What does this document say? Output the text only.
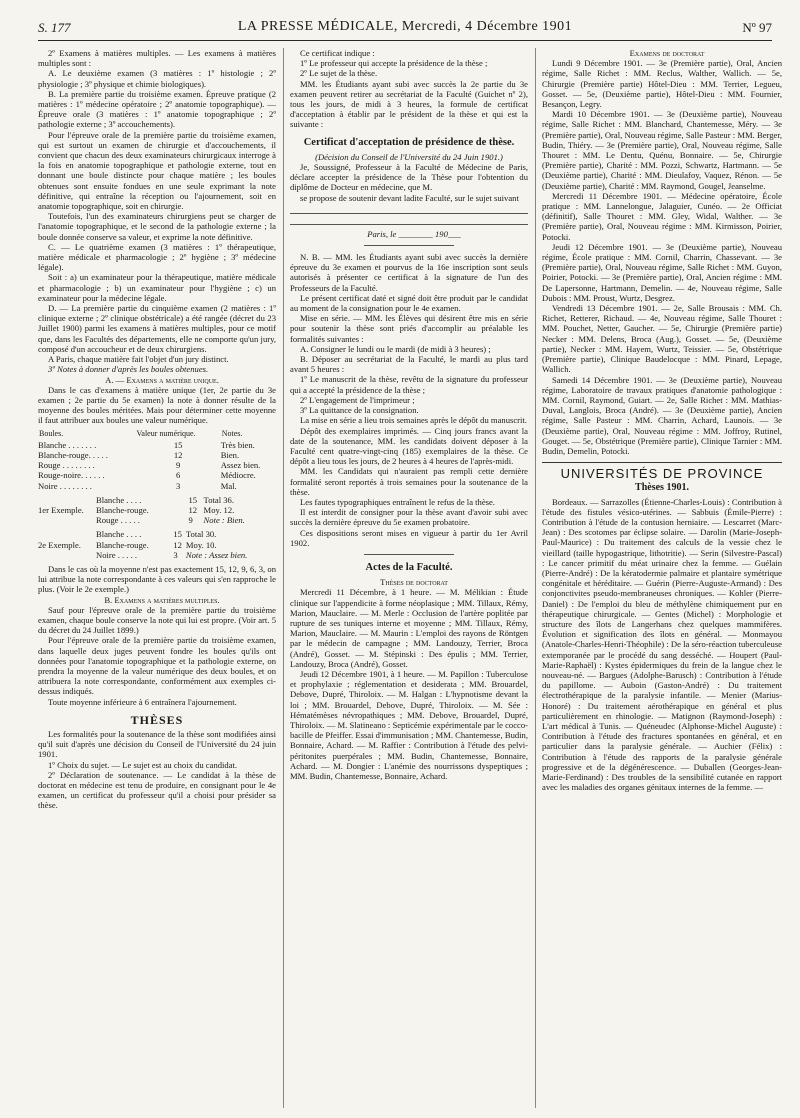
S. 177	LA PRESSE MÉDICALE, Mercredi, 4 Décembre 1901	Nº 97

2º Examens à matières multiples. — Les examens à matières multiples sont :

A. Le deuxième examen (3 matières : 1º histologie ; 2º physiologie ; 3º physique et chimie biologiques).

B. La première partie du troisième examen. Épreuve pratique (2 matières : 1º médecine opératoire ; 2º anatomie topographique). — Épreuve orale (3 matières : 1º anatomie topographique ; 2º pathologie externe ; 3º accouchements).

Pour l'épreuve orale de la première partie du troisième examen, qui est surtout un examen de chirurgie et d'accouchements, il convient que chacun des deux examinateurs chirurgicaux interroge à la fois en anatomie topographique et pathologie externe, tout en donnant une boule distincte pour chaque matière ; les boules obtenues sont ensuite fondues en une seule exprimant la note définitive, qui entraîne la réception ou l'ajournement, soit en anatomie topographique, soit en chirurgie.

Toutefois, l'un des examinateurs chirurgiens peut se charger de l'anatomie topographique, et le second de la pathologie externe ; la boule donnée conserve sa valeur, et exprime la note définitive.

C. — Le quatrième examen (3 matières : 1º thérapeutique, matière médicale et pharmacologie ; 2º hygiène ; 3º médecine légale).

Soit : a) un examinateur pour la thérapeutique, matière médicale et pharmacologie ; b) un examinateur pour l'hygiène ; c) un examinateur pour la médecine légale.

D. — La première partie du cinquième examen (2 matières : 1º clinique externe ; 2º clinique obstétricale) a été rangée (décret du 23 Juillet 1900) parmi les examens à matières multiples, pour ce motif que, dans les Facultés des départements, elle ne comporte qu'un jury, composé d'un accoucheur et de deux chirurgiens.

A Paris, chaque matière fait l'objet d'un jury distinct.

3º Notes à donner d'après les boules obtenues.

A. — Examens a matière unique.

Dans le cas d'examens à matière unique (1er, 2e partie du 3e examen ; 2e partie du 5e examen) la note à donner résulte de la moyenne des boules méritées. Mais pour déterminer cette moyenne il faut attribuer aux boules une valeur numérique.

Boules.	Valeur numérique.	Notes.
Blanche . . . . . . .	15	Très bien.
Blanche-rouge. . . . .	12	Bien.
Rouge . . . . . . . .	9	Assez bien.
Rouge-noire. . . . . .	6	Médiocre.
Noire . . . . . . . .	3	Mal.
1er Exemple.	Blanche . . . .	15	Total 36.
	Blanche-rouge.	12	Moy. 12.
	Rouge . . . . .	9	Note : Bien.
2e Exemple.	Blanche . . . .	15	Total 30.
	Blanche-rouge.	12	Moy. 10.
	Noire . . . . .	3	Note : Assez bien.

Dans le cas où la moyenne n'est pas exactement 15, 12, 9, 6, 3, on lui attribue la note correspondante à ces valeurs qui s'en rapproche le plus. (Voir le 2e exemple.)

B. Examens a matières multiples.

Sauf pour l'épreuve orale de la première partie du troisième examen, chaque boule conserve la note qui lui est propre. (Voir art. 5 du décret du 24 Juillet 1899.)

Pour l'épreuve orale de la première partie du troisième examen, dans laquelle deux juges peuvent fondre les boules qu'ils ont données pour l'anatomie topographique et la pathologie externe, on prendra la moyenne de la valeur numérique des deux boules, et on attribuera la note correspondante, conformément aux exemples ci-dessus indiqués.

Toute moyenne inférieure à 6 entraînera l'ajournement.

THÈSES

Les formalités pour la soutenance de la thèse sont modifiées ainsi qu'il suit d'après une décision du Conseil de l'Université du 24 juin 1901.

1º Choix du sujet. — Le sujet est au choix du candidat.

2º Déclaration de soutenance. — Le candidat à la thèse de doctorat en médecine est tenu de produire, en consignant pour le 4e examen, un certificat du professeur qu'il a choisi pour présider sa thèse.

Ce certificat indique :

1º Le professeur qui accepte la présidence de la thèse ;

2º Le sujet de la thèse.

MM. les Étudiants ayant subi avec succès la 2e partie du 3e examen peuvent retirer au secrétariat de la Faculté (Guichet nº 2), tous les jours, de midi à 3 heures, la formule de certificat d'acceptation à établir par le président de la thèse et qui est la suivante :

Certificat d'acceptation de présidence de thèse.

(Décision du Conseil de l'Université du 24 Juin 1901.)

Je, Soussigné, Professeur à la Faculté de Médecine de Paris, déclare accepter la présidence de la Thèse pour l'obtention du diplôme de Docteur en médecine, que M.

se propose de soutenir devant ladite Faculté, sur le sujet suivant

Paris, le ________ 190___

N. B. — MM. les Étudiants ayant subi avec succès la dernière épreuve du 3e examen et pourvus de la 16e inscription sont seuls autorisés à présenter ce certificat à la signature de l'un des Professeurs de la Faculté.

Le présent certificat daté et signé doit être produit par le candidat au moment de la consignation pour le 4e examen.

Mise en série. — MM. les Élèves qui désirent être mis en série pour soutenir la thèse sont priés d'accomplir au préalable les formalités suivantes :

A. Consigner le lundi ou le mardi (de midi à 3 heures) ;

B. Déposer au secrétariat de la Faculté, le mardi au plus tard avant 5 heures :

1º Le manuscrit de la thèse, revêtu de la signature du professeur qui a accepté la présidence de la thèse ;

2º L'engagement de l'imprimeur ;

3º La quittance de la consignation.

La mise en série a lieu trois semaines après le dépôt du manuscrit.

Dépôt des exemplaires imprimés. — Cinq jours francs avant la date de la soutenance, MM. les candidats doivent déposer à la Faculté cent quatre-vingt-cinq (185) exemplaires de la thèse. Ce dépôt a lieu tous les jours, de 2 heures à 4 heures de l'après-midi.

MM. les Candidats qui n'auraient pas rempli cette dernière formalité seront reportés à trois semaines pour la soutenance de la thèse.

Les fautes typographiques entraînent le refus de la thèse.

Il est interdit de consigner pour la thèse avant d'avoir subi avec succès la dernière épreuve du 5e examen probatoire.

Ces dispositions seront mises en vigueur à partir du 1er Avril 1902.

Actes de la Faculté.

Thèses de doctorat

Mercredi 11 Décembre, à 1 heure. — M. Mélikian : Étude clinique sur l'appendicite à forme néoplasique ; MM. Tillaux, Rémy, Marion, Mauclaire. — M. Merle : Occlusion de l'artère poplitée par rupture de ses tuniques interne et moyenne ; MM. Tillaux, Rémy, Marion, Mauclaire. — M. Maurin : L'emploi des rayons de Röntgen par le médecin de campagne ; MM. Landouzy, Terrier, Broca (André), Gosset. — M. Stépinski : Des épulis ; MM. Terrier, Landouzy, Broca (André), Gosset.

Jeudi 12 Décembre 1901, à 1 heure. — M. Papillon : Tuberculose et prophylaxie ; réglementation et desiderata ; MM. Brouardel, Debove, Dupré, Thiroloix. — M. Halgan : L'hypnotisme devant la loi ; MM. Brouardel, Debove, Dupré, Thiroloix. — M. Sée : Hématémèses névropathiques ; MM. Debove, Brouardel, Dupré, Thiroloix. — M. Slatineano : Septicémie expérimentale par le cocco-bacille de Pfeiffer. Essai d'immunisation ; MM. Chantemesse, Budin, Bonnaire, Achard. — M. Raffier : Contribution à l'étude des pelvi-péritonites puerpérales ; MM. Budin, Chantemesse, Bonnaire, Achard. — M. Dongier : L'anémie des nourrissons dyspeptiques ; MM. Budin, Chantemesse, Bonnaire, Achard.

Examens de doctorat

Lundi 9 Décembre 1901. — 3e (Première partie), Oral, Ancien régime, Salle Richet : MM. Reclus, Walther, Wallich. — 5e, Chirurgie (Première partie) Hôtel-Dieu : MM. Terrier, Legueu, Gosset. — 5e, (Deuxième partie), Hôtel-Dieu : MM. Fournier, Besançon, Legry.

Mardi 10 Décembre 1901. — 3e (Deuxième partie), Nouveau régime, Salle Richet : MM. Blanchard, Chantemesse, Méry. — 3e (Première partie), Oral, Nouveau régime, Salle Pasteur : MM. Berger, Budin, Thiéry. — 3e (Première partie), Oral, Nouveau régime, Salle Thouret : MM. Le Dentu, Quénu, Bonnaire. — 5e, Chirurgie (Première partie), Charité : MM. Pozzi, Schwartz, Hartmann. — 5e (Deuxième partie), Charité : MM. Dieulafoy, Vaquez, Rénon. — 5e (Deuxième partie), Charité : MM. Raymond, Gougel, Jeanselme.

Mercredi 11 Décembre 1901. — Médecine opératoire, École pratique : MM. Lannelongue, Jalaguier, Cunéo. — 2e Officiat (définitif), Salle Thouret : MM. Gley, Widal, Walther. — 3e (Première partie), Oral, Nouveau régime : MM. Kirmisson, Poirier, Potocki.

Jeudi 12 Décembre 1901. — 3e (Deuxième partie), Nouveau régime, École pratique : MM. Cornil, Charrin, Chassevant. — 3e (Première partie), Oral, Nouveau régime, Salle Richet : MM. Guyon, Poirier, Potocki. — 3e (Première partie), Oral, Ancien régime : MM. De Lapersonne, Hartmann, Demelin. — 4e, Nouveau régime, Salle Dubois : MM. Proust, Wurtz, Desgrez.

Vendredi 13 Décembre 1901. — 2e, Salle Brousais : MM. Ch. Richet, Retterer, Richaud. — 4e, Nouveau régime, Salle Thouret : MM. Pouchet, Netter, Gaucher. — 5e, Chirurgie (Première partie) Necker : MM. Delens, Broca (Aug.), Gosset. — 5e, (Deuxième partie), Necker : MM. Hayem, Wurtz, Teissier. — 5e, Obstétrique (Première partie), Clinique Baudelocque : MM. Pinard, Lepage, Wallich.

Samedi 14 Décembre 1901. — 3e (Deuxième partie), Nouveau régime, Laboratoire de travaux pratiques d'anatomie pathologique : MM. Cornil, Raymond, Guiart. — 2e, Salle Richet : MM. Mathias-Duval, Langlois, Broca (André). — 3e (Deuxième partie), Ancien régime, Salle Pasteur : MM. Charrin, Achard, Launois. — 3e (Deuxième partie), Oral, Nouveau régime : MM. Joffroy, Rutinel, Gouget. — 5e, Obstétrique (Première partie), Clinique Tarnier : MM. Budin, Demelin, Potocki.

UNIVERSITÉS DE PROVINCE
Thèses 1901.

Bordeaux. — Sarrazolles (Étienne-Charles-Louis) : Contribution à l'étude des fistules vésico-utérines. — Sabbuis (Émile-Pierre) : Contribution à l'étude de la contusion herniaire. — Lescarret (Marc-Jean) : Des scotomes par éclipse solaire. — Darolin (Marie-Joseph-Paul-Maurice) : Du traitement des calculs de la vessie chez le vieillard (taille hypogastrique, lithotritie). — Serin (Silvestre-Pascal) : Le cancer primitif du méat urinaire chez la femme. — Guélain (Pierre-André) : De la kératodermie palmaire et plantaire symétrique congénitale et héréditaire. — Guérin (Pierre-Auguste-Armand) : Des conjonctivites pseudo-membraneuses chroniques. — Kohler (Pierre-Daniel) : De l'emploi du bleu de méthylène chimiquement pur en thérapeutique chirurgicale. — Gentes (Michel) : Morphologie et structure des îlots de Langerhans chez quelques mammifères. Évolution et signification des îlots en général. — Monmayou (Anatole-Charles-Henri-Théophile) : De la séro-réaction tuberculeuse extemporanée par le procédé du sang desséché. — Houpert (Paul-Marie-Raphaël) : Kystes épidermiques du frein de la langue chez le nouveau-né. — Bargues (Adolphe-Barusch) : Contribution à l'étude du papillome. — Auboin (Gaston-André) : Du traitement électrothérapique de la paralysie infantile. — Menier (Marius-Honoré) : Du traitement aérothérapique en général et plus particulièrement en rhinologie. — Matignon (Raymond-Joseph) : L'art médical à Tunis. — Quéneudec (Alphonse-Michel Auguste) : Contribution à l'étude des fractures spontanées en général, et en particulier dans la paralysie générale. — Auchier (Félix) : Contribution à l'étude des rapports de la paralysie générale progressive et de la dégénérescence. — Duballen (Georges-Jean-Marie-Ferdinand) : Des troubles de la sensibilité cutanée en rapport avec les maladies des organes génitaux internes de la femme. —
